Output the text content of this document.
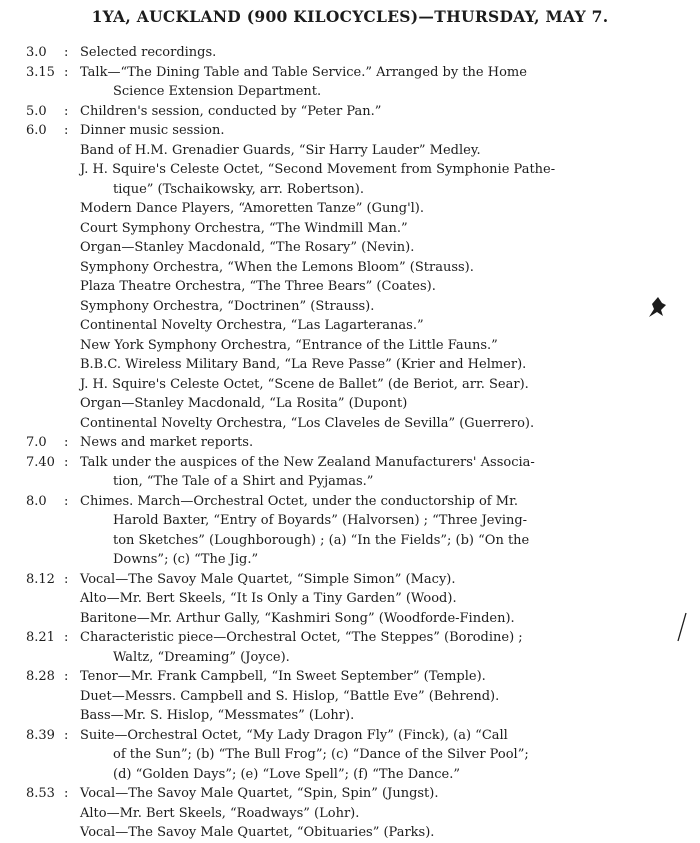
1YA, AUCKLAND (900 KILOCYCLES)—THURSDAY, MAY 7.
3.0 : Selected recordings.
3.15 : Talk—“The Dining Table and Table Service.” Arranged by the Home
Science Extension Department.
5.0 : Children's session, conducted by “Peter Pan.”
6.0 : Dinner music session.
Band of H.M. Grenadier Guards, “Sir Harry Lauder” Medley.
J. H. Squire's Celeste Octet, “Second Movement from Symphonie Pathe-
tique” (Tschaikowsky, arr. Robertson).
Modern Dance Players, “Amoretten Tanze” (Gung'l).
Court Symphony Orchestra, “The Windmill Man.”
Organ—Stanley Macdonald, “The Rosary” (Nevin).
Symphony Orchestra, “When the Lemons Bloom” (Strauss).
Plaza Theatre Orchestra, “The Three Bears” (Coates).
Symphony Orchestra, “Doctrinen” (Strauss).
Continental Novelty Orchestra, “Las Lagarteranas.”
New York Symphony Orchestra, “Entrance of the Little Fauns.”
B.B.C. Wireless Military Band, “La Reve Passe” (Krier and Helmer).
J. H. Squire's Celeste Octet, “Scene de Ballet” (de Beriot, arr. Sear).
Organ—Stanley Macdonald, “La Rosita” (Dupont)
Continental Novelty Orchestra, “Los Claveles de Sevilla” (Guerrero).
7.0 : News and market reports.
7.40 : Talk under the auspices of the New Zealand Manufacturers' Associa-
tion, “The Tale of a Shirt and Pyjamas.”
8.0 : Chimes. March—Orchestral Octet, under the conductorship of Mr.
Harold Baxter, “Entry of Boyards” (Halvorsen) ; “Three Jeving-
ton Sketches” (Loughborough) ; (a) “In the Fields”; (b) “On the
Downs”; (c) “The Jig.”
8.12 : Vocal—The Savoy Male Quartet, “Simple Simon” (Macy).
Alto—Mr. Bert Skeels, “It Is Only a Tiny Garden” (Wood).
Baritone—Mr. Arthur Gally, “Kashmiri Song” (Woodforde-Finden).
8.21 : Characteristic piece—Orchestral Octet, “The Steppes” (Borodine) ;
Waltz, “Dreaming” (Joyce).
8.28 : Tenor—Mr. Frank Campbell, “In Sweet September” (Temple).
Duet—Messrs. Campbell and S. Hislop, “Battle Eve” (Behrend).
Bass—Mr. S. Hislop, “Messmates” (Lohr).
8.39 : Suite—Orchestral Octet, “My Lady Dragon Fly” (Finck), (a) “Call
of the Sun”; (b) “The Bull Frog”; (c) “Dance of the Silver Pool”;
(d) “Golden Days”; (e) “Love Spell”; (f) “The Dance.”
8.53 : Vocal—The Savoy Male Quartet, “Spin, Spin” (Jungst).
Alto—Mr. Bert Skeels, “Roadways” (Lohr).
Vocal—The Savoy Male Quartet, “Obituaries” (Parks).
